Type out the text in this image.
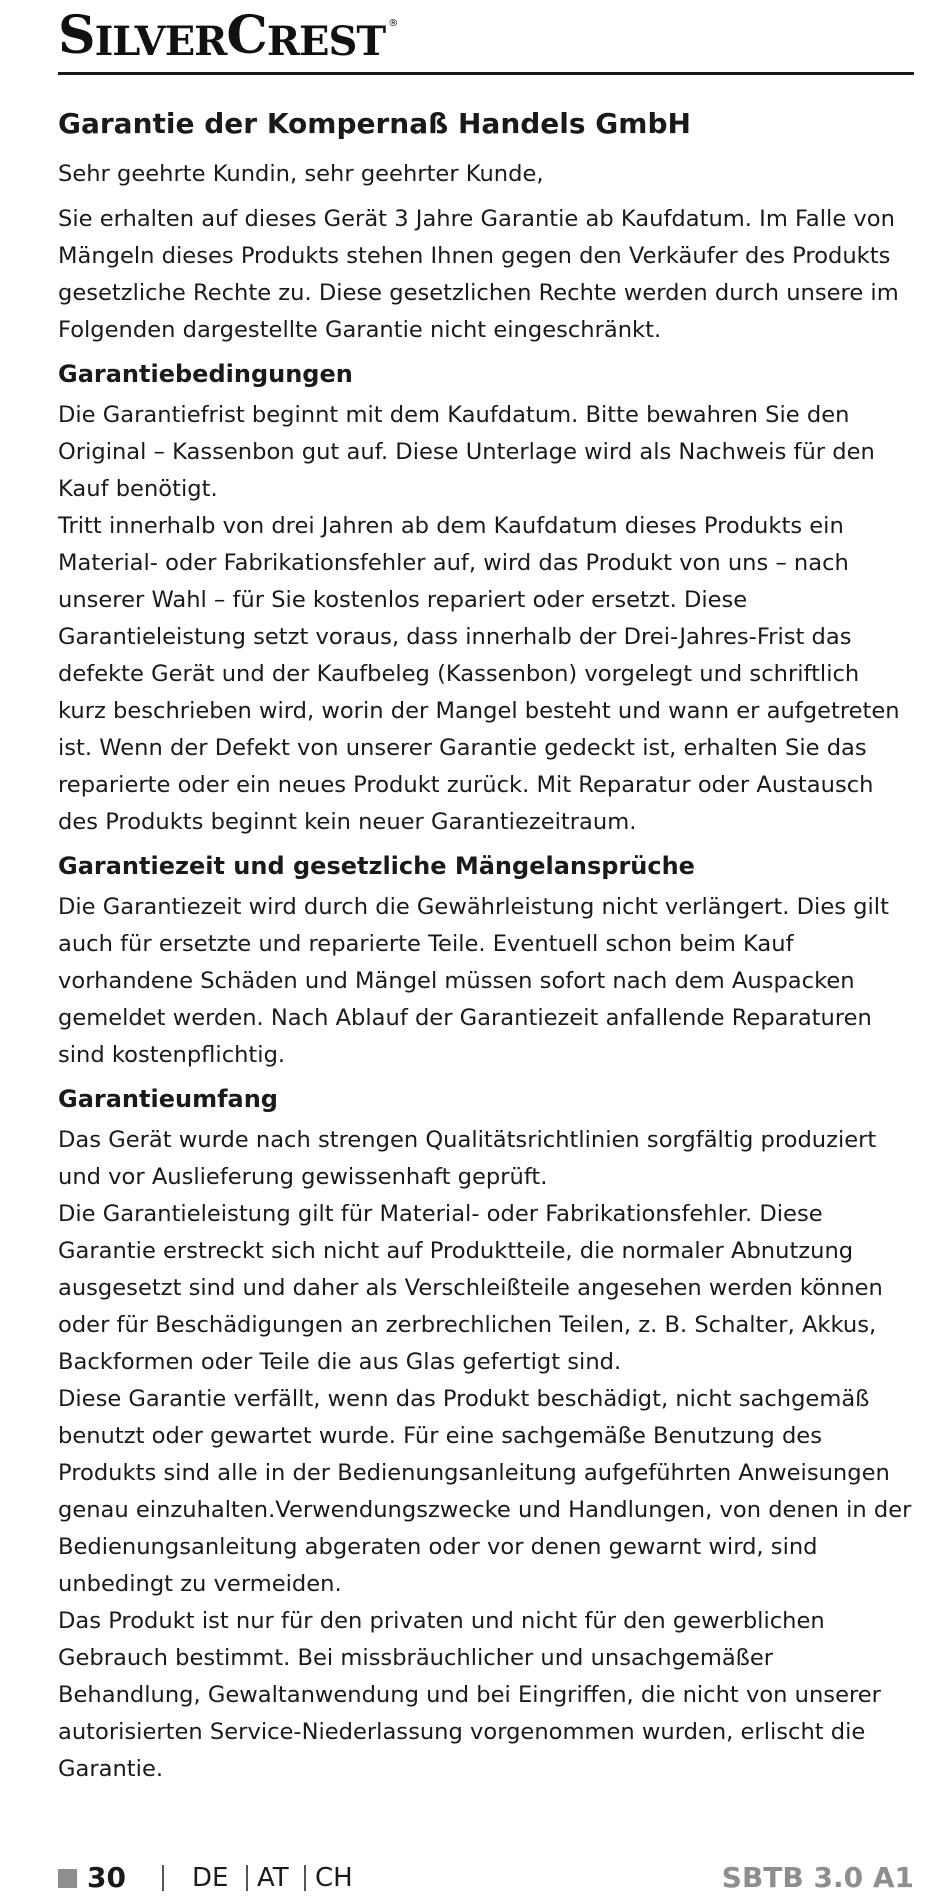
S ILVER C REST ®
Garantie der Kompernaß Handels GmbH

Sehr geehrte Kundin, sehr geehrter Kunde,

Sie erhalten auf dieses Gerät 3 Jahre Garantie ab Kaufdatum. Im Falle von Mängeln dieses Produkts stehen Ihnen gegen den Verkäufer des Produkts gesetzliche Rechte zu. Diese gesetzlichen Rechte werden durch unsere im Folgenden dargestellte Garantie nicht eingeschränkt.

Garantiebedingungen

Die Garantiefrist beginnt mit dem Kaufdatum. Bitte bewahren Sie den Original – Kassenbon gut auf. Diese Unterlage wird als Nachweis für den Kauf benötigt.

Tritt innerhalb von drei Jahren ab dem Kaufdatum dieses Produkts ein Material- oder Fabrikationsfehler auf, wird das Produkt von uns – nach unserer Wahl – für Sie kostenlos repariert oder ersetzt. Diese Garantieleistung setzt voraus, dass innerhalb der Drei-Jahres-Frist das defekte Gerät und der Kaufbeleg (Kassenbon) vorgelegt und schriftlich kurz beschrieben wird, worin der Mangel besteht und wann er aufgetreten ist. Wenn der Defekt von unserer Garantie gedeckt ist, erhalten Sie das reparierte oder ein neues Produkt zurück. Mit Reparatur oder Austausch des Produkts beginnt kein neuer Garantiezeitraum.

Garantiezeit und gesetzliche Mängelansprüche

Die Garantiezeit wird durch die Gewährleistung nicht verlängert. Dies gilt auch für ersetzte und reparierte Teile. Eventuell schon beim Kauf vorhandene Schäden und Mängel müssen sofort nach dem Auspacken gemeldet werden. Nach Ablauf der Garantiezeit anfallende Reparaturen sind kostenpflichtig.

Garantieumfang

Das Gerät wurde nach strengen Qualitätsrichtlinien sorgfältig produziert und vor Auslieferung gewissenhaft geprüft.

Die Garantieleistung gilt für Material- oder Fabrikationsfehler. Diese Garantie erstreckt sich nicht auf Produktteile, die normaler Abnutzung ausgesetzt sind und daher als Verschleißteile angesehen werden können oder für Beschädigungen an zerbrechlichen Teilen, z. B. Schalter, Akkus, Backformen oder Teile die aus Glas gefertigt sind.

Diese Garantie verfällt, wenn das Produkt beschädigt, nicht sachgemäß benutzt oder gewartet wurde. Für eine sachgemäße Benutzung des Produkts sind alle in der Bedienungsanleitung aufgeführten Anweisungen genau einzuhalten.Verwendungszwecke und Handlungen, von denen in der Bedienungsanleitung abgeraten oder vor denen gewarnt wird, sind unbedingt zu vermeiden.

Das Produkt ist nur für den privaten und nicht für den gewerblichen Gebrauch bestimmt. Bei missbräuchlicher und unsachgemäßer Behandlung, Gewaltanwendung und bei Eingriffen, die nicht von unserer autorisierten Service-Niederlassung vorgenommen wurden, erlischt die Garantie.

30	DE AT CH	SBTB 3.0 A1
